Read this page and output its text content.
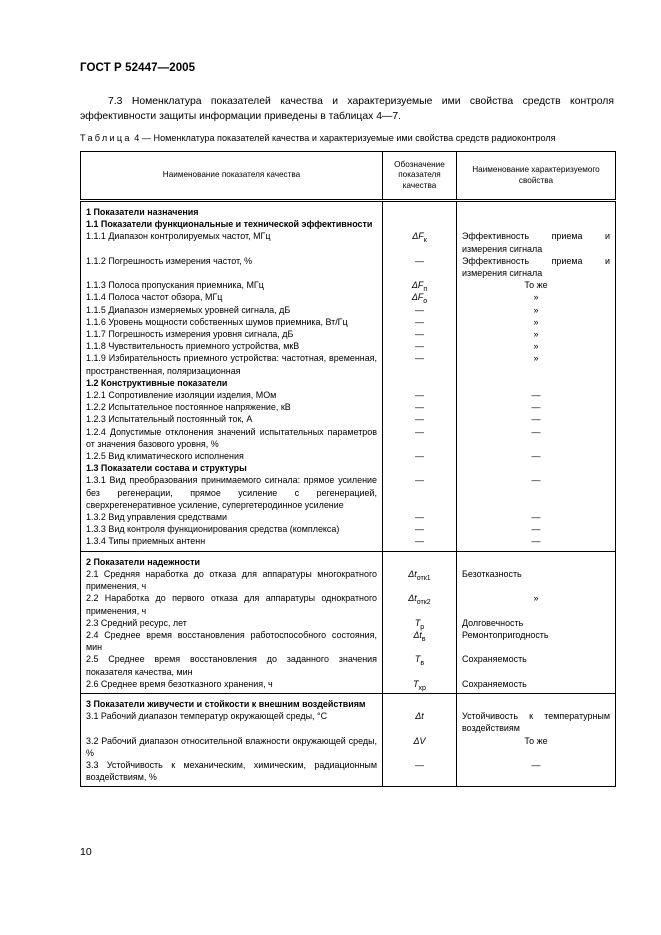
ГОСТ Р 52447—2005
7.3 Номенклатура показателей качества и характеризуемые ими свойства средств контроля эффективности защиты информации приведены в таблицах 4—7.
Таблица 4 — Номенклатура показателей качества и характеризуемые ими свойства средств радиоконтроля
Наименование показателя качества	Обозначение показателя качества	Наименование характеризуемого свойства
1 Показатели назначения		
1.1 Показатели функциональные и технической эффективности		
1.1.1 Диапазон контролируемых частот, МГц	$\Delta F_к$	Эффективность приема и измерения сигнала
1.1.2 Погрешность измерения частот, %	—	Эффективность приема и измерения сигнала
1.1.3 Полоса пропускания приемника, МГц	$\Delta F_п$	То же
1.1.4 Полоса частот обзора, МГц	$\Delta F_о$	»
1.1.5 Диапазон измеряемых уровней сигнала, дБ	—	»
1.1.6 Уровень мощности собственных шумов приемника, Вт/Гц	—	»
1.1.7 Погрешность измерения уровня сигнала, дБ	—	»
1.1.8 Чувствительность приемного устройства, мкВ	—	»
1.1.9 Избирательность приемного устройства: частотная, временная, пространственная, поляризационная	—	»
1.2 Конструктивные показатели		
1.2.1 Сопротивление изоляции изделия, МОм	—	—
1.2.2 Испытательное постоянное напряжение, кВ	—	—
1.2.3 Испытательный постоянный ток, А	—	—
1.2.4 Допустимые отклонения значений испытательных параметров от значения базового уровня, %	—	—
1.2.5 Вид климатического исполнения	—	—
1.3 Показатели состава и структуры		
1.3.1 Вид преобразования принимаемого сигнала: прямое усиление без регенерации, прямое усиление с регенерацией, сверхрегенеративное усиление, супергетеродинное усиление	—	—
1.3.2 Вид управления средствами	—	—
1.3.3 Вид контроля функционирования средства (комплекса)	—	—
1.3.4 Типы приемных антенн	—	—
2 Показатели надежности		
2.1 Средняя наработка до отказа для аппаратуры многократного применения, ч	$\Delta t_{отк1}$	Безотказность
2.2 Наработка до первого отказа для аппаратуры однократного применения, ч	$\Delta t_{отк2}$	»
2.3 Средний ресурс, лет	$T_р$	Долговечность
2.4 Среднее время восстановления работоспособного состояния, мин	$\Delta t_в$	Ремонтопригодность
2.5 Среднее время восстановления до заданного значения показателя качества, мин	$T_в$	Сохраняемость
2.6 Среднее время безотказного хранения, ч	$T_{хр}$	Сохраняемость
3 Показатели живучести и стойкости к внешним воздействиям		
3.1 Рабочий диапазон температур окружающей среды, °С	Δt	Устойчивость к температурным воздействиям
3.2 Рабочий диапазон относительной влажности окружающей среды, %	ΔV	То же
3.3 Устойчивость к механическим, химическим, радиационным воздействиям, %	—	—
10
